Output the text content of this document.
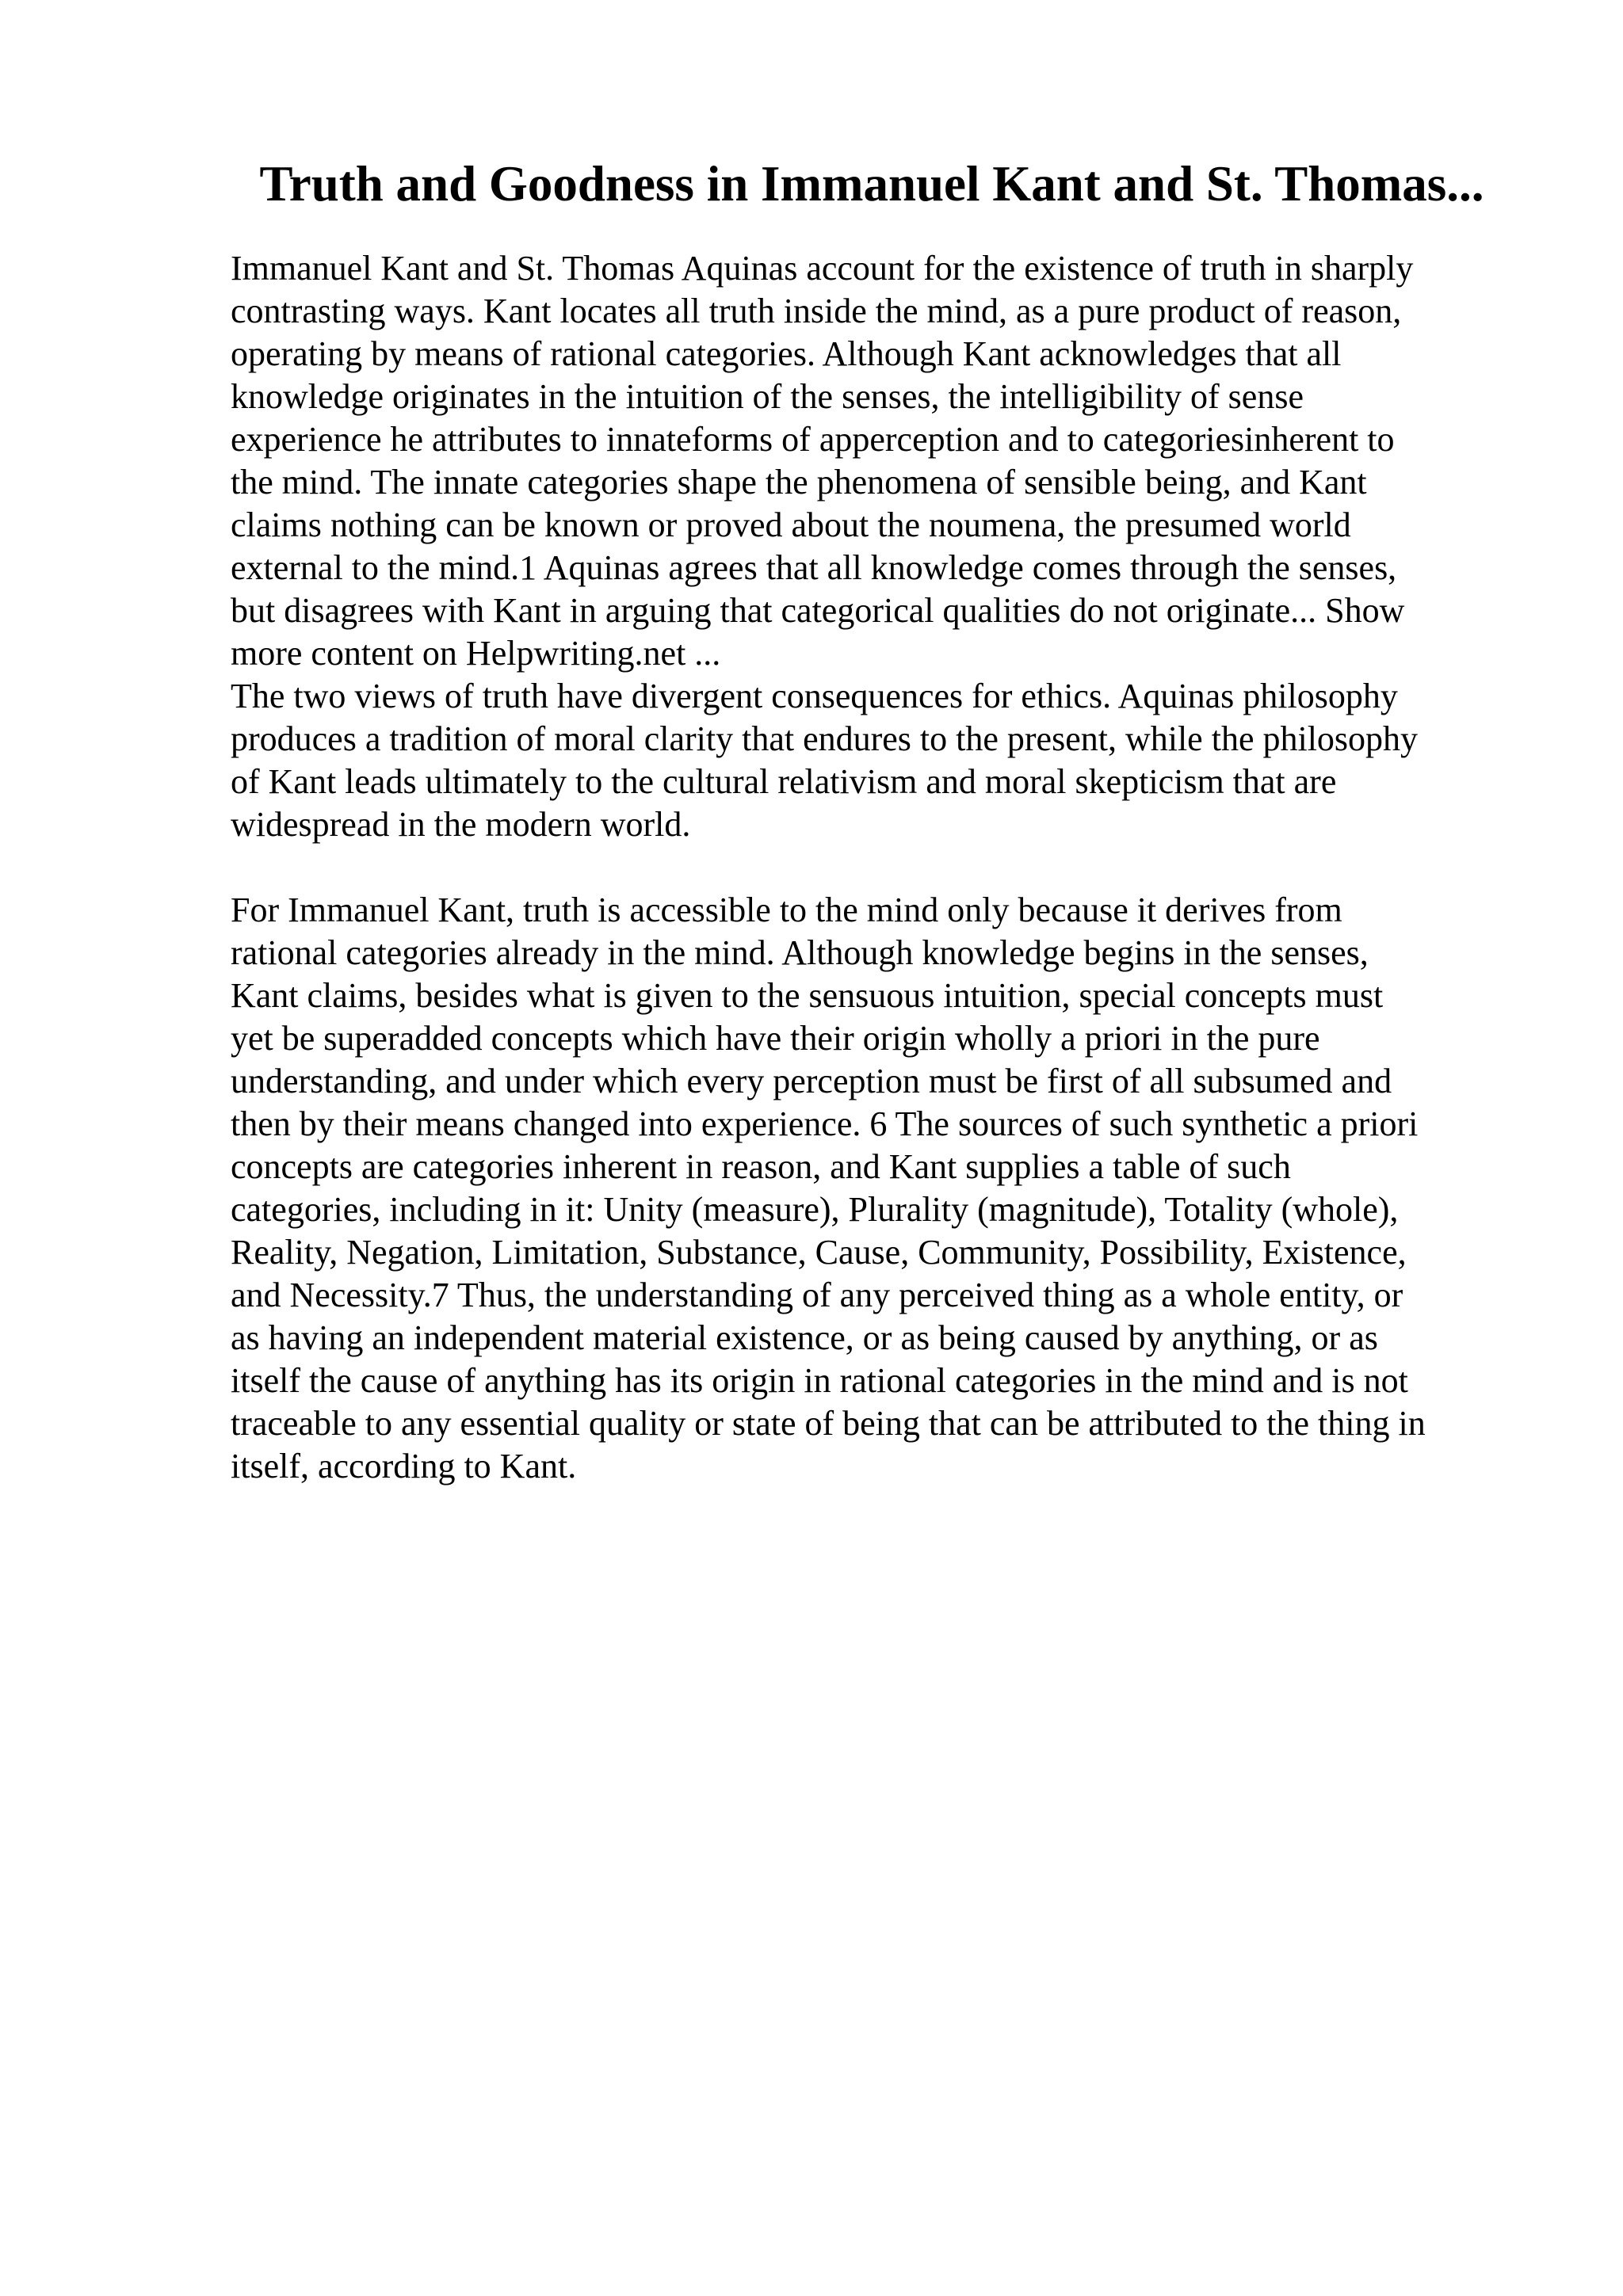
Truth and Goodness in Immanuel Kant and St. Thomas...

Immanuel Kant and St. Thomas Aquinas account for the existence of truth in sharply
contrasting ways. Kant locates all truth inside the mind, as a pure product of reason,
operating by means of rational categories. Although Kant acknowledges that all
knowledge originates in the intuition of the senses, the intelligibility of sense
experience he attributes to innateforms of apperception and to categoriesinherent to
the mind. The innate categories shape the phenomena of sensible being, and Kant
claims nothing can be known or proved about the noumena, the presumed world
external to the mind.1 Aquinas agrees that all knowledge comes through the senses,
but disagrees with Kant in arguing that categorical qualities do not originate... Show
more content on Helpwriting.net ...

The two views of truth have divergent consequences for ethics. Aquinas philosophy
produces a tradition of moral clarity that endures to the present, while the philosophy
of Kant leads ultimately to the cultural relativism and moral skepticism that are
widespread in the modern world.

For Immanuel Kant, truth is accessible to the mind only because it derives from
rational categories already in the mind. Although knowledge begins in the senses,
Kant claims, besides what is given to the sensuous intuition, special concepts must
yet be superadded concepts which have their origin wholly a priori in the pure
understanding, and under which every perception must be first of all subsumed and
then by their means changed into experience. 6 The sources of such synthetic a priori
concepts are categories inherent in reason, and Kant supplies a table of such
categories, including in it: Unity (measure), Plurality (magnitude), Totality (whole),
Reality, Negation, Limitation, Substance, Cause, Community, Possibility, Existence,
and Necessity.7 Thus, the understanding of any perceived thing as a whole entity, or
as having an independent material existence, or as being caused by anything, or as
itself the cause of anything has its origin in rational categories in the mind and is not
traceable to any essential quality or state of being that can be attributed to the thing in
itself, according to Kant.
